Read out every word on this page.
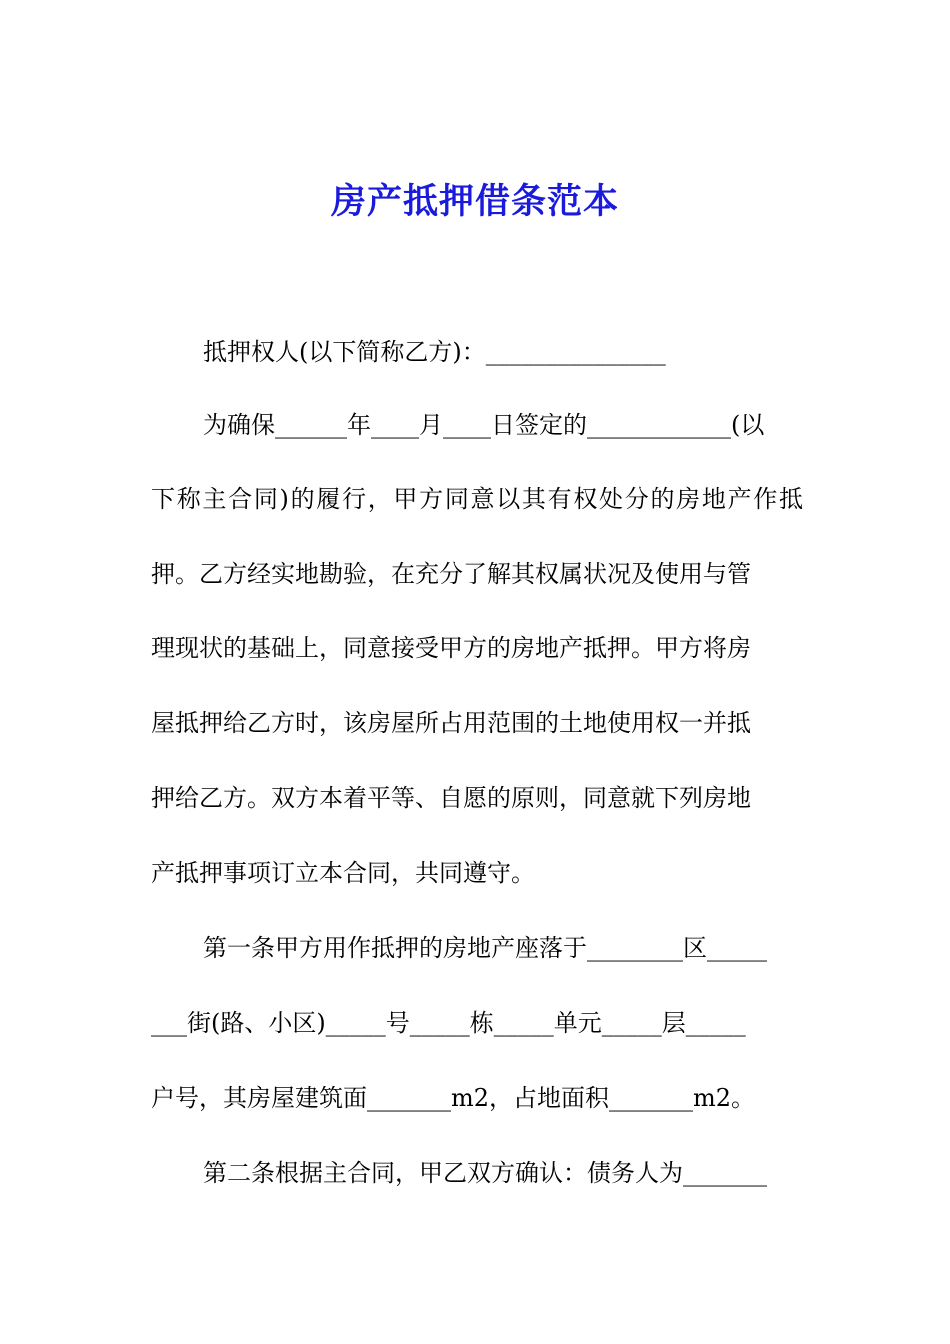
房产抵押借条范本
抵押权人(以下简称乙方)：_______________
为确保______年____月____日签定的____________(以
下称主合同)的履行，甲方同意以其有权处分的房地产作抵
押。乙方经实地勘验，在充分了解其权属状况及使用与管
理现状的基础上，同意接受甲方的房地产抵押。甲方将房
屋抵押给乙方时，该房屋所占用范围的土地使用权一并抵
押给乙方。双方本着平等、自愿的原则，同意就下列房地
产抵押事项订立本合同，共同遵守。
第一条甲方用作抵押的房地产座落于________区_____
___街(路、小区)_____号_____栋_____单元_____层_____
户号，其房屋建筑面_______m2，占地面积_______m2。
第二条根据主合同，甲乙双方确认：债务人为_______
